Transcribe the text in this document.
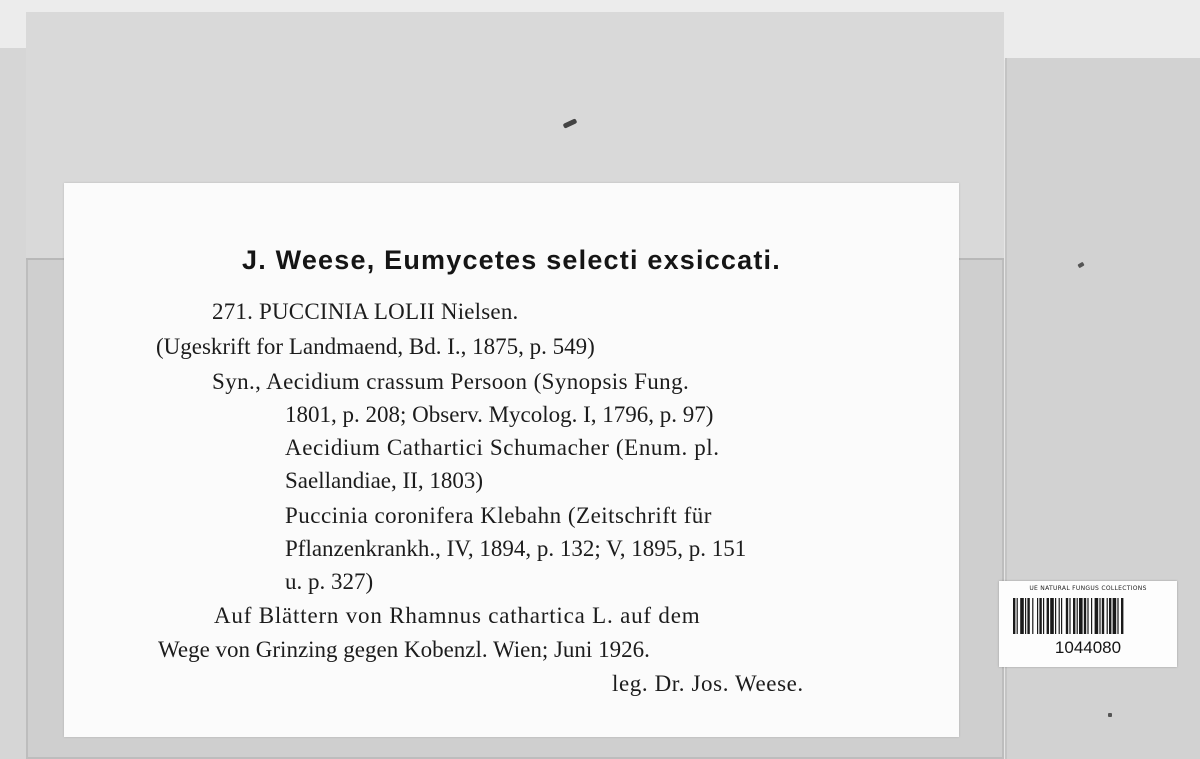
J. Weese, Eumycetes selecti exsiccati.
271. PUCCINIA LOLII Nielsen.
(Ugeskrift for Landmaend, Bd. I., 1875, p. 549)
Syn., Aecidium crassum Persoon (Synopsis Fung.
1801, p. 208; Observ. Mycolog. I, 1796, p. 97)
Aecidium Cathartici Schumacher (Enum. pl.
Saellandiae, II, 1803)
Puccinia coronifera Klebahn (Zeitschrift für
Pflanzenkrankh., IV, 1894, p. 132; V, 1895, p. 151
u. p. 327)
Auf Blättern von Rhamnus cathartica L. auf dem
Wege von Grinzing gegen Kobenzl. Wien; Juni 1926.
leg. Dr. Jos. Weese.
UE NATURAL FUNGUS COLLECTIONS
1044080
